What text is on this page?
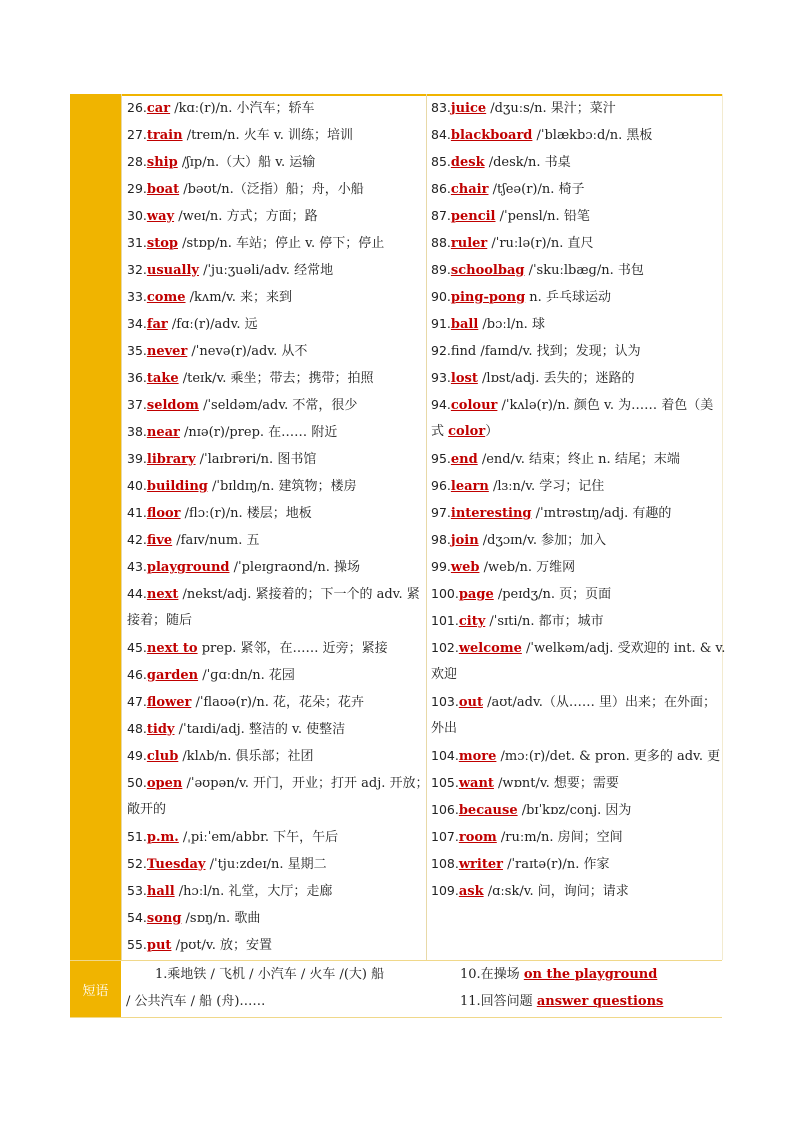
26.car /kɑː(r)/n. 小汽车；轿车
27.train /treɪn/n. 火车 v. 训练；培训
28.ship /ʃɪp/n.（大）船 v. 运输
29.boat /bəʊt/n.（泛指）船；舟，小船
30.way /weɪ/n. 方式；方面；路
31.stop /stɒp/n. 车站；停止 v. 停下；停止
32.usually /ˈjuːʒuəli/adv. 经常地
33.come /kʌm/v. 来；来到
34.far /fɑː(r)/adv. 远
35.never /ˈnevə(r)/adv. 从不
36.take /teɪk/v. 乘坐；带去；携带；拍照
37.seldom /ˈseldəm/adv. 不常，很少
38.near /nɪə(r)/prep. 在…… 附近
39.library /ˈlaɪbrəri/n. 图书馆
40.building /ˈbɪldɪŋ/n. 建筑物；楼房
41.floor /flɔː(r)/n. 楼层；地板
42.five /faɪv/num. 五
43.playground /ˈpleɪɡraʊnd/n. 操场
44.next /nekst/adj. 紧接着的；下一个的 adv. 紧
接着；随后
45.next to prep. 紧邻，在…… 近旁；紧接
46.garden /ˈɡɑːdn/n. 花园
47.flower /ˈflaʊə(r)/n. 花，花朵；花卉
48.tidy /ˈtaɪdi/adj. 整洁的 v. 使整洁
49.club /klʌb/n. 俱乐部；社团
50.open /ˈəʊpən/v. 开门，开业；打开 adj. 开放；
敞开的
51.p.m. /ˌpiːˈem/abbr. 下午，午后
52.Tuesday /ˈtjuːzdeɪ/n. 星期二
53.hall /hɔːl/n. 礼堂，大厅；走廊
54.song /sɒŋ/n. 歌曲
55.put /pʊt/v. 放；安置
83.juice /dʒuːs/n. 果汁；菜汁
84.blackboard /ˈblækbɔːd/n. 黑板
85.desk /desk/n. 书桌
86.chair /tʃeə(r)/n. 椅子
87.pencil /ˈpensl/n. 铅笔
88.ruler /ˈruːlə(r)/n. 直尺
89.schoolbag /ˈskuːlbæɡ/n. 书包
90.ping-pong n. 乒乓球运动
91.ball /bɔːl/n. 球
92.find /faɪnd/v. 找到；发现；认为
93.lost /lɒst/adj. 丢失的；迷路的
94.colour /ˈkʌlə(r)/n. 颜色 v. 为…… 着色（美
式 color）
95.end /end/v. 结束；终止 n. 结尾；末端
96.learn /lɜːn/v. 学习；记住
97.interesting /ˈɪntrəstɪŋ/adj. 有趣的
98.join /dʒɔɪn/v. 参加；加入
99.web /web/n. 万维网
100.page /peɪdʒ/n. 页；页面
101.city /ˈsɪti/n. 都市；城市
102.welcome /ˈwelkəm/adj. 受欢迎的 int. & v.
欢迎
103.out /aʊt/adv.（从…… 里）出来；在外面；
外出
104.more /mɔː(r)/det. & pron. 更多的 adv. 更
105.want /wɒnt/v. 想要；需要
106.because /bɪˈkɒz/conj. 因为
107.room /ruːm/n. 房间；空间
108.writer /ˈraɪtə(r)/n. 作家
109.ask /ɑːsk/v. 问，询问；请求
短语
1.乘地铁 / 飞机 / 小汽车 / 火车 /(大) 船
/ 公共汽车 / 船 (舟)……
10.在操场 on the playground
11.回答问题 answer questions
